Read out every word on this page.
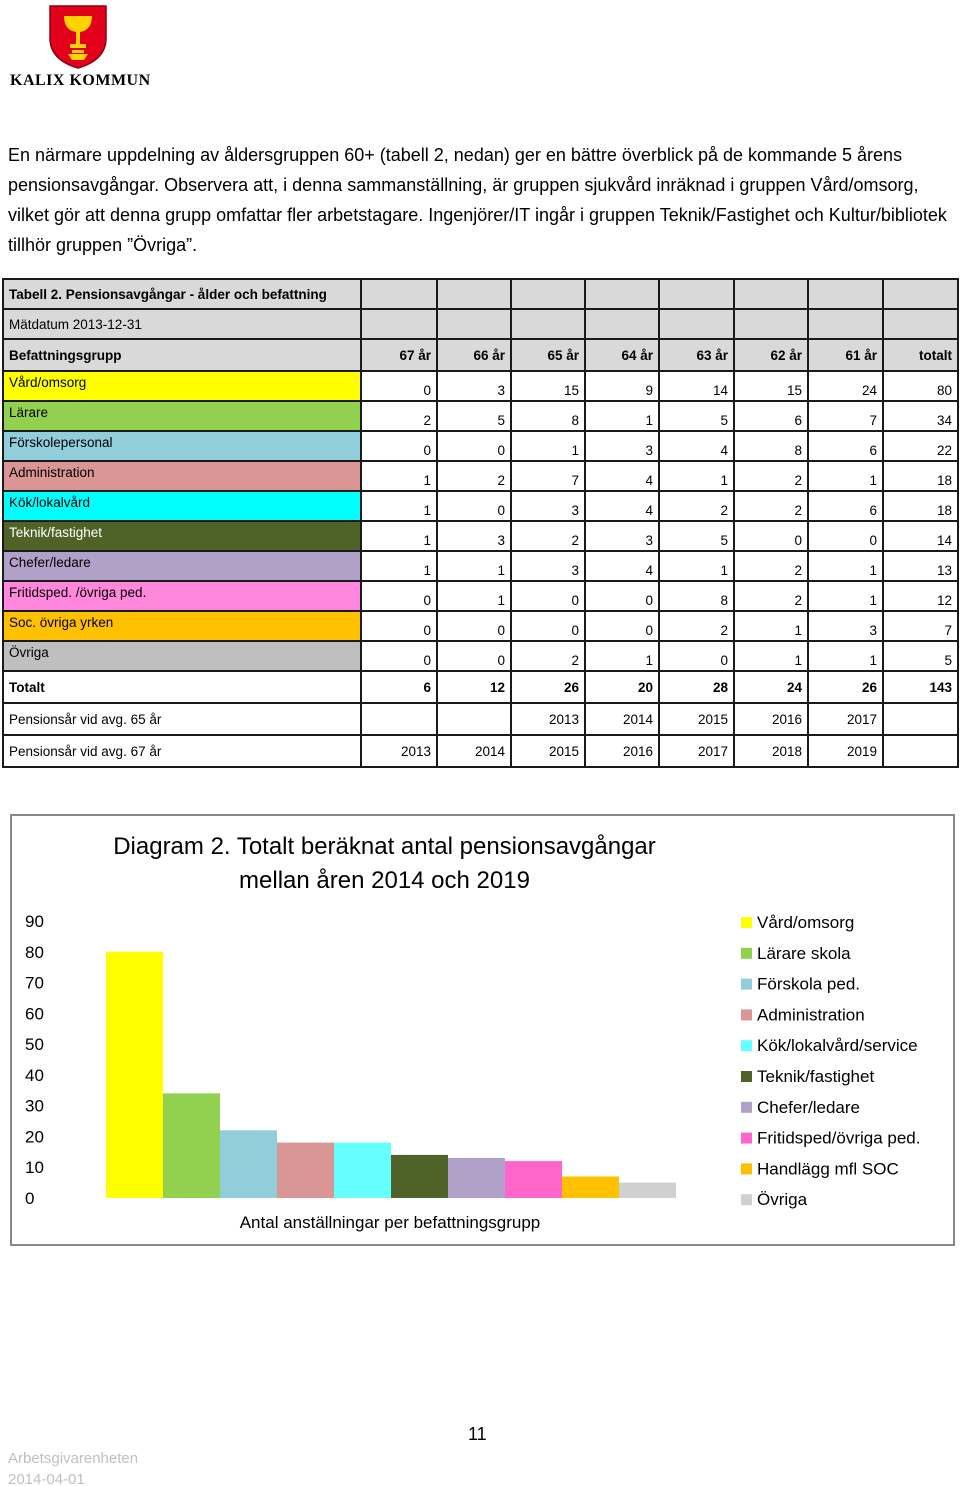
KALIX KOMMUN

En närmare uppdelning av åldersgruppen 60+ (tabell 2, nedan) ger en bättre överblick på de kommande 5 årens pensionsavgångar. Observera att, i denna sammanställning, är gruppen sjukvård inräknad i gruppen Vård/omsorg, vilket gör att denna grupp omfattar fler arbetstagare. Ingenjörer/IT ingår i gruppen Teknik/Fastighet och Kultur/bibliotek tillhör gruppen ”Övriga”.

Tabell 2. Pensionsavgångar - ålder och befattning								
Mätdatum 2013-12-31								
Befattningsgrupp	67 år	66 år	65 år	64 år	63 år	62 år	61 år	totalt
Vård/omsorg	0	3	15	9	14	15	24	80
Lärare	2	5	8	1	5	6	7	34
Förskolepersonal	0	0	1	3	4	8	6	22
Administration	1	2	7	4	1	2	1	18
Kök/lokalvård	1	0	3	4	2	2	6	18
Teknik/fastighet	1	3	2	3	5	0	0	14
Chefer/ledare	1	1	3	4	1	2	1	13
Fritidsped. /övriga ped.	0	1	0	0	8	2	1	12
Soc. övriga yrken	0	0	0	0	2	1	3	7
Övriga	0	0	2	1	0	1	1	5
Totalt	6	12	26	20	28	24	26	143
Pensionsår vid avg. 65 år			2013	2014	2015	2016	2017	
Pensionsår vid avg. 67 år	2013	2014	2015	2016	2017	2018	2019	
Diagram 2. Totalt beräknat antal pensionsavgångar mellan åren 2014 och 2019
90
80
70
60
50
40
30
20
10
0
Antal anställningar per befattningsgrupp
Vård/omsorg
Lärare skola
Förskola ped.
Administration
Kök/lokalvård/service
Teknik/fastighet
Chefer/ledare
Fritidsped/övriga ped.
Handlägg mfl SOC
Övriga
11
Arbetsgivarenheten
2014-04-01
